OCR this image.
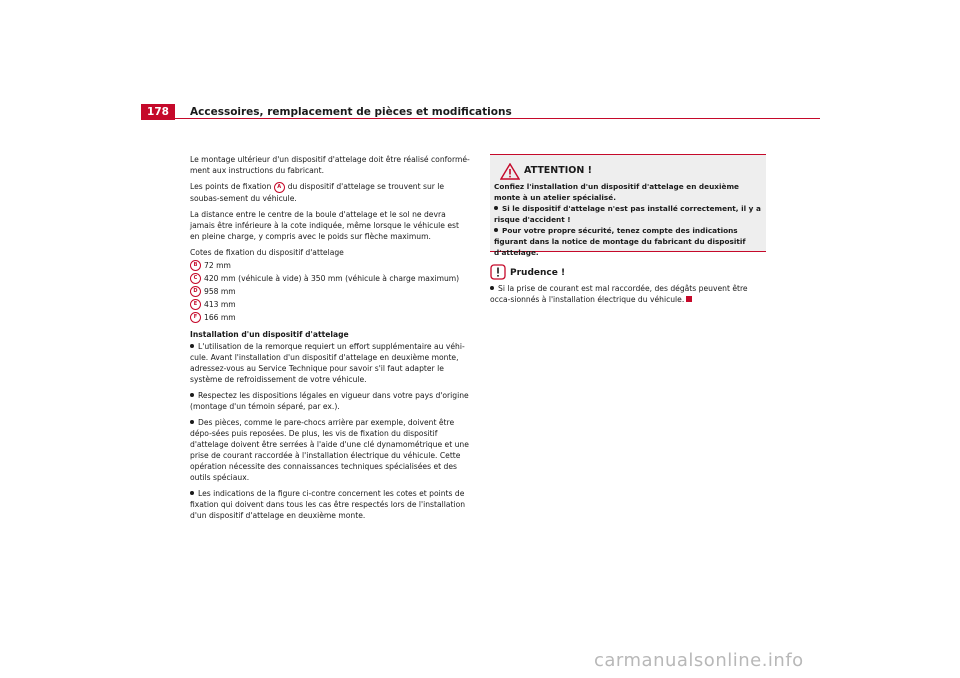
178	Accessoires, remplacement de pièces et modifications

Le montage ultérieur d'un dispositif d'attelage doit être réalisé conformé-ment aux instructions du fabricant.

Les points de fixation A du dispositif d'attelage se trouvent sur le soubas-sement du véhicule.

La distance entre le centre de la boule d'attelage et le sol ne devra jamais être inférieure à la cote indiquée, même lorsque le véhicule est en pleine charge, y compris avec le poids sur flèche maximum.

Cotes de fixation du dispositif d'attelage

B 72 mm
C 420 mm (véhicule à vide) à 350 mm (véhicule à charge maximum)
D 958 mm
E 413 mm
F 166 mm
Installation d'un dispositif d'attelage

L'utilisation de la remorque requiert un effort supplémentaire au véhi-cule. Avant l'installation d'un dispositif d'attelage en deuxième monte, adressez-vous au Service Technique pour savoir s'il faut adapter le système de refroidissement de votre véhicule.

Respectez les dispositions légales en vigueur dans votre pays d'origine (montage d'un témoin séparé, par ex.).

Des pièces, comme le pare-chocs arrière par exemple, doivent être dépo-sées puis reposées. De plus, les vis de fixation du dispositif d'attelage doivent être serrées à l'aide d'une clé dynamométrique et une prise de courant raccordée à l'installation électrique du véhicule. Cette opération nécessite des connaissances techniques spécialisées et des outils spéciaux.

Les indications de la figure ci-contre concernent les cotes et points de fixation qui doivent dans tous les cas être respectés lors de l'installation d'un dispositif d'attelage en deuxième monte.

ATTENTION !

Confiez l'installation d'un dispositif d'attelage en deuxième monte à un atelier spécialisé.

Si le dispositif d'attelage n'est pas installé correctement, il y a risque d'accident !

Pour votre propre sécurité, tenez compte des indications figurant dans la notice de montage du fabricant du dispositif d'attelage.

Prudence !
Si la prise de courant est mal raccordée, des dégâts peuvent être occa-sionnés à l'installation électrique du véhicule.
carmanualsonline.info
